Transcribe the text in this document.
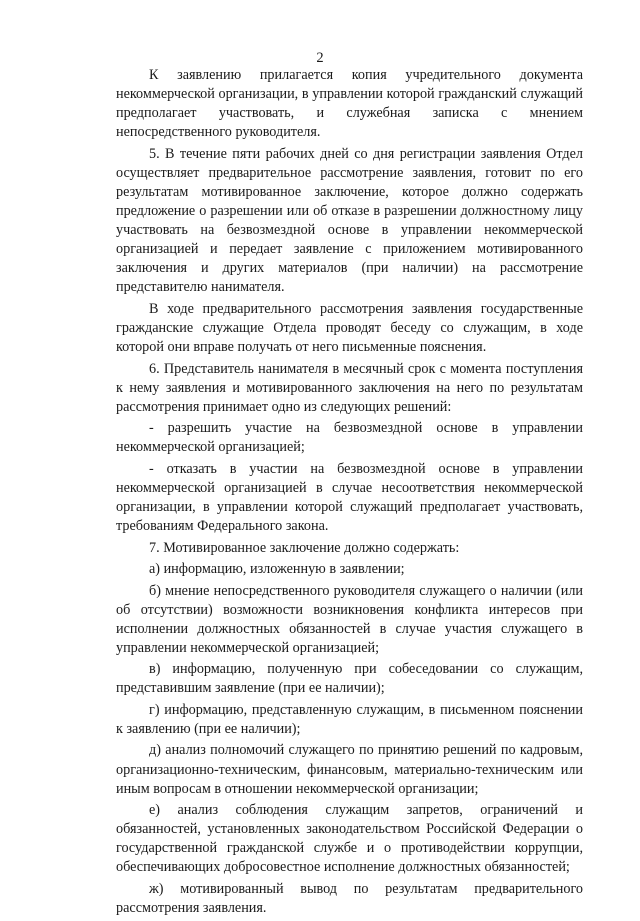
2

К заявлению прилагается копия учредительного документа некоммерческой организации, в управлении которой гражданский служащий предполагает участвовать, и служебная записка с мнением непосредственного руководителя.

5. В течение пяти рабочих дней со дня регистрации заявления Отдел осуществляет предварительное рассмотрение заявления, готовит по его результатам мотивированное заключение, которое должно содержать предложение о разрешении или об отказе в разрешении должностному лицу участвовать на безвозмездной основе в управлении некоммерческой организацией и передает заявление с приложением мотивированного заключения и других материалов (при наличии) на рассмотрение представителю нанимателя.

В ходе предварительного рассмотрения заявления государственные гражданские служащие Отдела проводят беседу со служащим, в ходе которой они вправе получать от него письменные пояснения.

6. Представитель нанимателя в месячный срок с момента поступления к нему заявления и мотивированного заключения на него по результатам рассмотрения принимает одно из следующих решений:

- разрешить участие на безвозмездной основе в управлении некоммерческой организацией;

- отказать в участии на безвозмездной основе в управлении некоммерческой организацией в случае несоответствия некоммерческой организации, в управлении которой служащий предполагает участвовать, требованиям Федерального закона.

7. Мотивированное заключение должно содержать:

а) информацию, изложенную в заявлении;

б) мнение непосредственного руководителя служащего о наличии (или об отсутствии) возможности возникновения конфликта интересов при исполнении должностных обязанностей в случае участия служащего в управлении некоммерческой организацией;

в) информацию, полученную при собеседовании со служащим, представившим заявление (при ее наличии);

г) информацию, представленную служащим, в письменном пояснении к заявлению (при ее наличии);

д) анализ полномочий служащего по принятию решений по кадровым, организационно-техническим, финансовым, материально-техническим или иным вопросам в отношении некоммерческой организации;

е) анализ соблюдения служащим запретов, ограничений и обязанностей, установленных законодательством Российской Федерации о государственной гражданской службе и о противодействии коррупции, обеспечивающих добросовестное исполнение должностных обязанностей;

ж) мотивированный вывод по результатам предварительного рассмотрения заявления.
